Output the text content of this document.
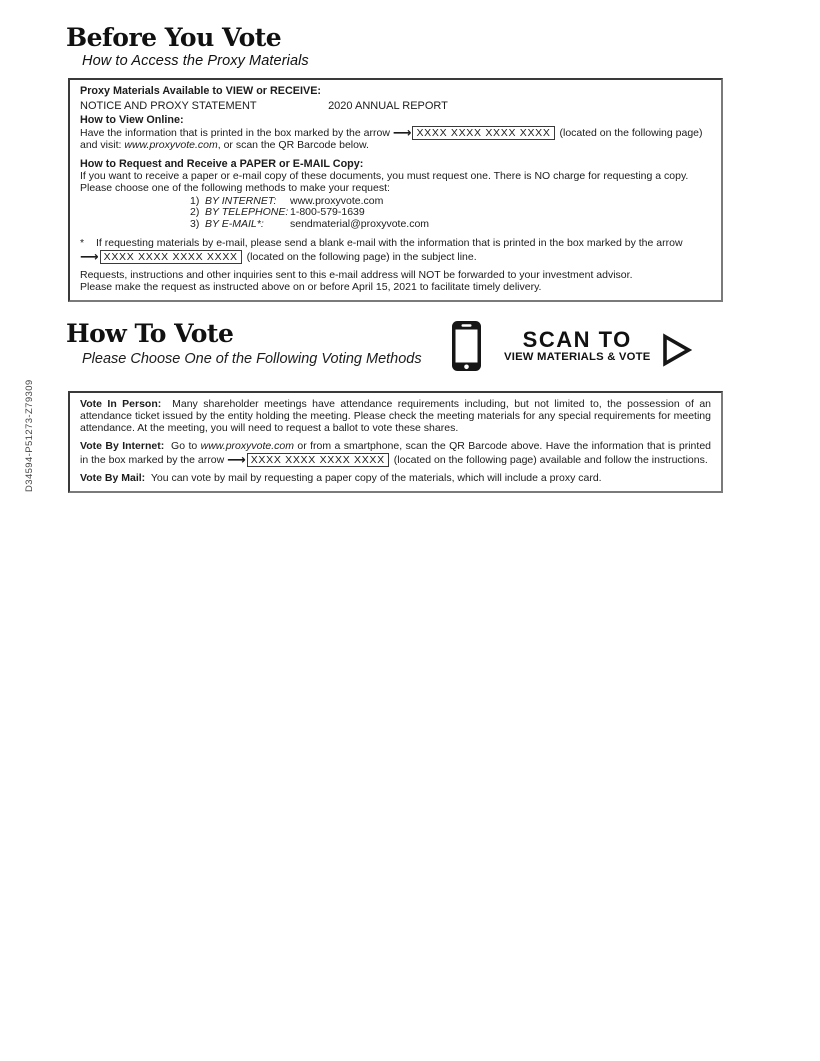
D34594-P51273-Z79309
Before You Vote
How to Access the Proxy Materials
Proxy Materials Available to VIEW or RECEIVE:
NOTICE AND PROXY STATEMENT	2020 ANNUAL REPORT
How to View Online:
Have the information that is printed in the box marked by the arrow ⟶ XXXX XXXX XXXX XXXX (located on the following page)
and visit: www.proxyvote.com, or scan the QR Barcode below.
How to Request and Receive a PAPER or E-MAIL Copy:
If you want to receive a paper or e-mail copy of these documents, you must request one. There is NO charge for requesting a copy.
Please choose one of the following methods to make your request:
1) BY INTERNET:	www.proxyvote.com
2) BY TELEPHONE: 1-800-579-1639
3) BY E-MAIL*:	sendmaterial@proxyvote.com
* If requesting materials by e-mail, please send a blank e-mail with the information that is printed in the box marked by the arrow
⟶ XXXX XXXX XXXX XXXX (located on the following page) in the subject line.
Requests, instructions and other inquiries sent to this e-mail address will NOT be forwarded to your investment advisor.
Please make the request as instructed above on or before April 15, 2021 to facilitate timely delivery.
How To Vote
Please Choose One of the Following Voting Methods
SCAN TO
VIEW MATERIALS & VOTE
Vote In Person: Many shareholder meetings have attendance requirements including, but not limited to, the possession of an attendance ticket issued by the entity holding the meeting. Please check the meeting materials for any special requirements for meeting attendance. At the meeting, you will need to request a ballot to vote these shares.
Vote By Internet: Go to www.proxyvote.com or from a smartphone, scan the QR Barcode above. Have the information that is printed in the box marked by the arrow ⟶ XXXX XXXX XXXX XXXX (located on the following page) available and follow the instructions.
Vote By Mail: You can vote by mail by requesting a paper copy of the materials, which will include a proxy card.
